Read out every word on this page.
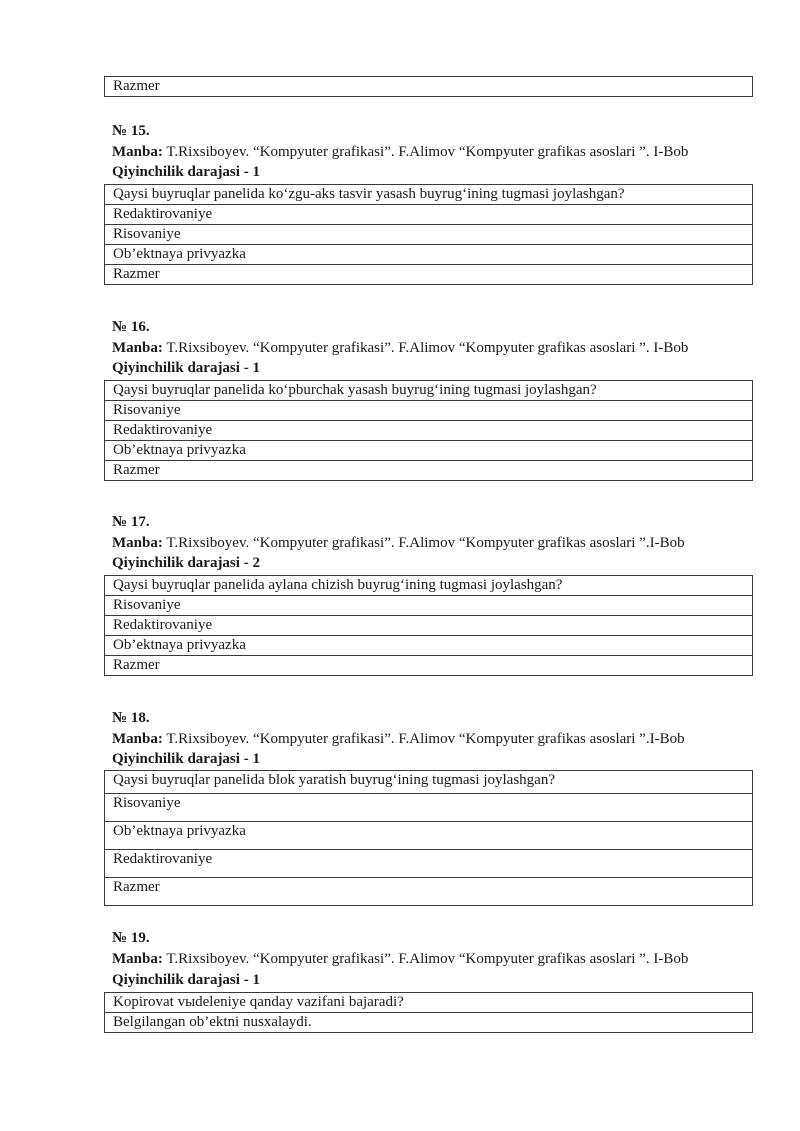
Razmer
№ 15.
Manba: T.Rixsiboyev. “Kompyuter grafikasi”. F.Alimov “Kompyuter grafikas asoslari ”. I-Bob
Qiyinchilik darajasi - 1
Qaysi buyruqlar panelida ko‘zgu-aks tasvir yasash buyrug‘ining tugmasi joylashgan?
Redaktirovaniye
Risovaniye
Ob’ektnaya privyazka
Razmer
№ 16.
Manba: T.Rixsiboyev. “Kompyuter grafikasi”. F.Alimov “Kompyuter grafikas asoslari ”. I-Bob
Qiyinchilik darajasi - 1
Qaysi buyruqlar panelida ko‘pburchak yasash buyrug‘ining tugmasi joylashgan?
Risovaniye
Redaktirovaniye
Ob’ektnaya privyazka
Razmer
№ 17.
Manba: T.Rixsiboyev. “Kompyuter grafikasi”. F.Alimov “Kompyuter grafikas asoslari ”.I-Bob
Qiyinchilik darajasi - 2
Qaysi buyruqlar panelida aylana chizish buyrug‘ining tugmasi joylashgan?
Risovaniye
Redaktirovaniye
Ob’ektnaya privyazka
Razmer
№ 18.
Manba: T.Rixsiboyev. “Kompyuter grafikasi”. F.Alimov “Kompyuter grafikas asoslari ”.I-Bob
Qiyinchilik darajasi - 1
Qaysi buyruqlar panelida blok yaratish buyrug‘ining tugmasi joylashgan?
Risovaniye
Ob’ektnaya privyazka
Redaktirovaniye
Razmer
№ 19.
Manba: T.Rixsiboyev. “Kompyuter grafikasi”. F.Alimov “Kompyuter grafikas asoslari ”. I-Bob
Qiyinchilik darajasi - 1
Kopirovat vыdeleniye qanday vazifani bajaradi?
Belgilangan ob’ektni nusxalaydi.
